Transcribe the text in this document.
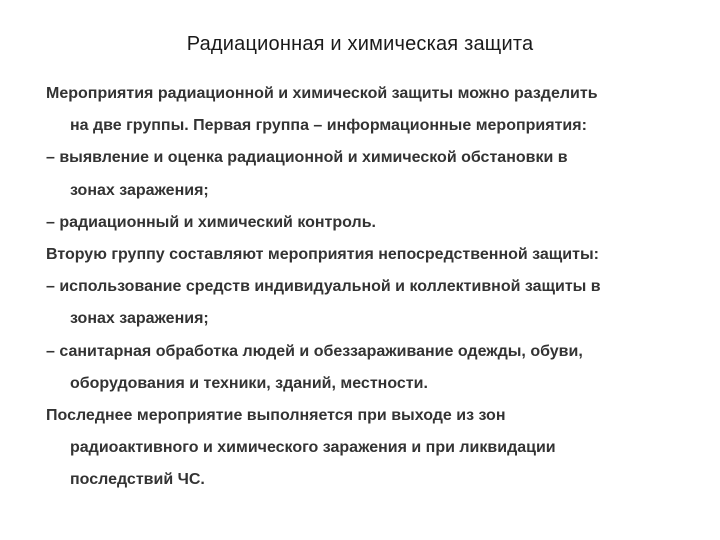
Радиационная и химическая защита
Мероприятия радиационной и химической защиты можно разделить
на две группы. Первая группа – информационные мероприятия:
– выявление и оценка радиационной и химической обстановки в
зонах заражения;
– радиационный и химический контроль.
Вторую группу составляют мероприятия непосредственной защиты:
– использование средств индивидуальной и коллективной защиты в
зонах заражения;
– санитарная обработка людей и обеззараживание одежды, обуви,
оборудования и техники, зданий, местности.
Последнее мероприятие выполняется при выходе из зон
радиоактивного и химического заражения и при ликвидации
последствий ЧС.
